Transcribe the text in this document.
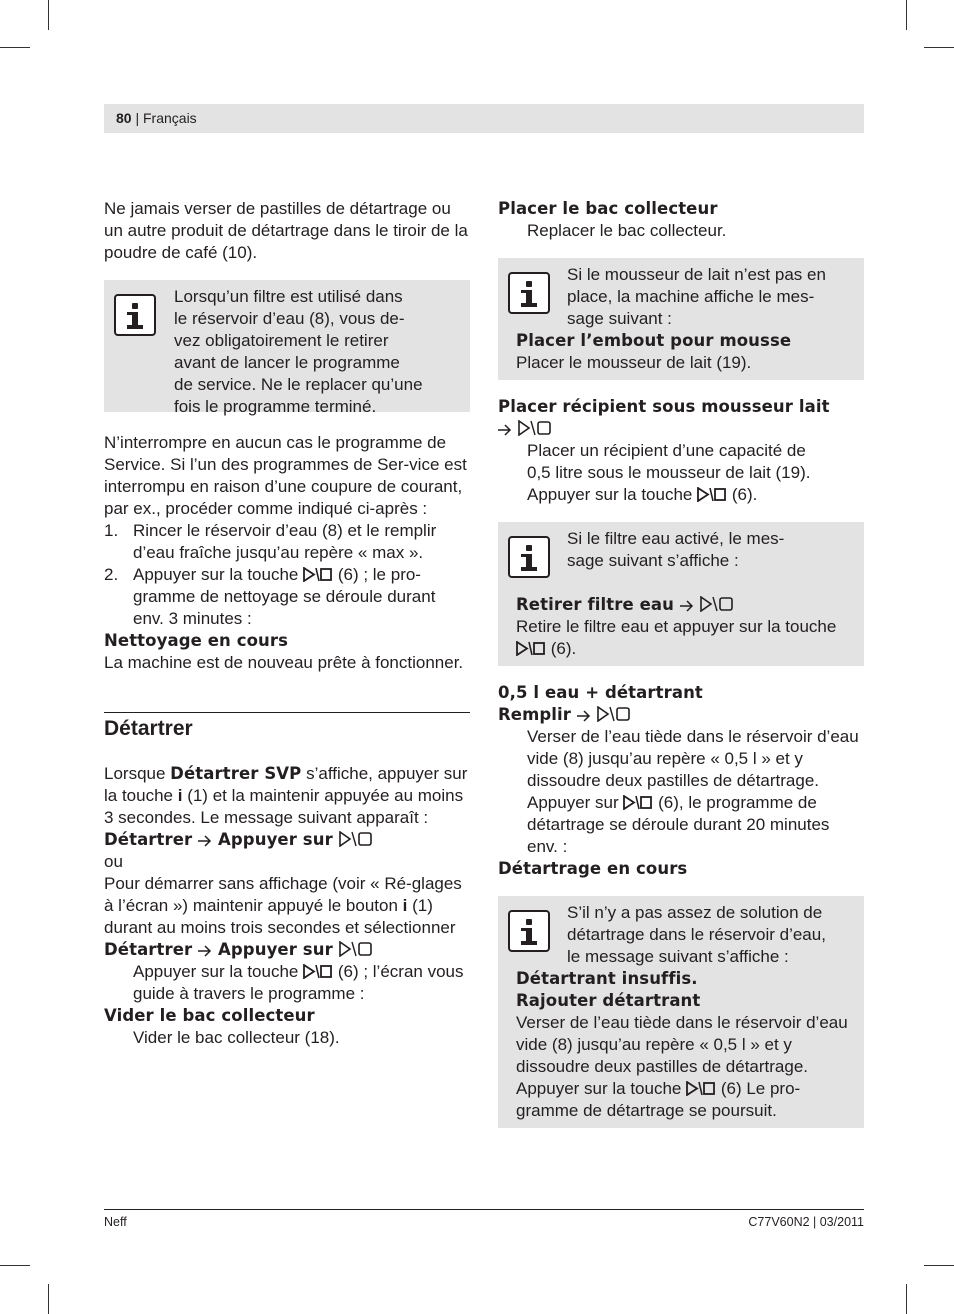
80 | Français

Ne jamais verser de pastilles de détartrage ou un autre produit de détartrage dans le tiroir de la poudre de café (10).

Lorsqu’un filtre est utilisé dans
le réservoir d’eau (8), vous de-
vez obligatoirement le retirer
avant de lancer le programme
de service. Ne le replacer qu’une
fois le programme terminé.

N’interrompre en aucun cas le programme de Service. Si l’un des programmes de Ser-vice est interrompu en raison d’une coupure de courant, par ex., procéder comme indiqué ci-après :

1. Rincer le réservoir d’eau (8) et le remplir d’eau fraîche jusqu’au repère « max ».
2. Appuyer sur la touche  (6) ; le pro-gramme de nettoyage se déroule durant env. 3 minutes :

Nettoyage en cours

La machine est de nouveau prête à fonctionner.

Détartrer

Lorsque Détartrer SVP s’affiche, appuyer sur la touche i (1) et la maintenir appuyée au moins 3 secondes. Le message suivant apparaît :

Détartrer Appuyer sur

ou

Pour démarrer sans affichage (voir « Ré-glages à l’écran ») maintenir appuyé le bouton i (1) durant au moins trois secondes et sélectionner

Détartrer Appuyer sur

Appuyer sur la touche  (6) ; l’écran vous guide à travers le programme :

Vider le bac collecteur

Vider le bac collecteur (18).

Placer le bac collecteur

Replacer le bac collecteur.

Si le mousseur de lait n’est pas en
place, la machine affiche le mes-
sage suivant :
Placer l’embout pour mousse
Placer le mousseur de lait (19).

Placer récipient sous mousseur lait

Placer un récipient d’une capacité de

0,5 litre sous le mousseur de lait (19).

Appuyer sur la touche  (6).

Si le filtre eau activé, le mes-
sage suivant s’affiche :
Retirer filtre eau
Retire le filtre eau et appuyer sur la touche
(6).

0,5 l eau + détartrant

Remplir

Verser de l’eau tiède dans le réservoir d’eau vide (8) jusqu’au repère « 0,5 l » et y dissoudre deux pastilles de détartrage.

Appuyer sur  (6), le programme de détartrage se déroule durant 20 minutes env. :

Détartrage en cours

S’il n’y a pas assez de solution de
détartrage dans le réservoir d’eau,
le message suivant s’affiche :
Détartrant insuffis.
Rajouter détartrant
Verser de l’eau tiède dans le réservoir d’eau vide (8) jusqu’au repère « 0,5 l » et y dissoudre deux pastilles de détartrage.
Appuyer sur la touche  (6) Le pro-gramme de détartrage se poursuit.
Neff	C77V60N2 | 03/2011
